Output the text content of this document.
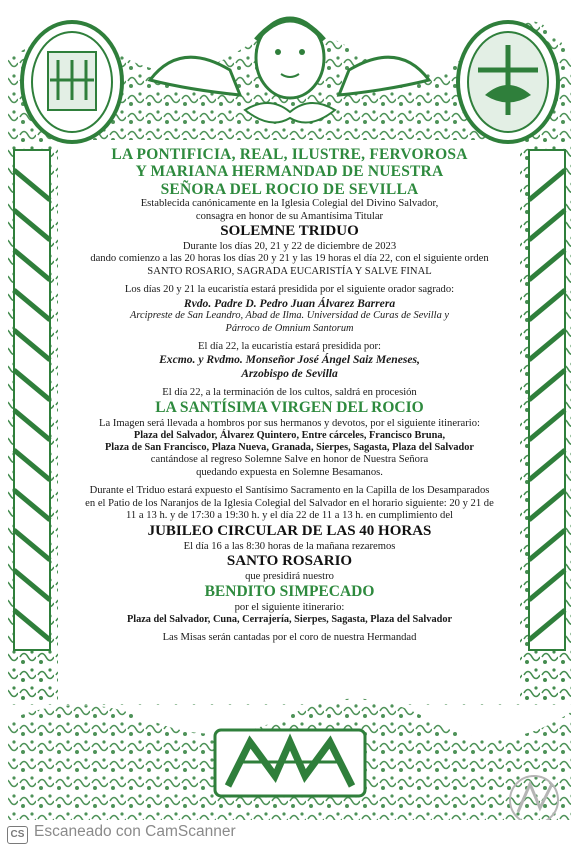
LA PONTIFICIA, REAL, ILUSTRE, FERVOROSA
Y MARIANA HERMANDAD DE NUESTRA
SEÑORA DEL ROCIO DE SEVILLA
Establecida canónicamente en la Iglesia Colegial del Divino Salvador,
consagra en honor de su Amantísima Titular
SOLEMNE TRIDUO
Durante los días 20, 21 y 22 de diciembre de 2023
dando comienzo a las 20 horas los días 20 y 21 y las 19 horas el día 22, con el siguiente orden
SANTO ROSARIO, SAGRADA EUCARISTÍA Y SALVE FINAL
Los días 20 y 21 la eucaristía estará presidida por el siguiente orador sagrado:
Rvdo. Padre D. Pedro Juan Álvarez Barrera
Arcipreste de San Leandro, Abad de Ilma. Universidad de Curas de Sevilla y
Párroco de Omnium Santorum
El día 22, la eucaristía estará presidida por:
Excmo. y Rvdmo. Monseñor José Ángel Saiz Meneses,
Arzobispo de Sevilla
El día 22, a la terminación de los cultos, saldrá en procesión
LA SANTÍSIMA VIRGEN DEL ROCIO
La Imagen será llevada a hombros por sus hermanos y devotos, por el siguiente itinerario:
Plaza del Salvador, Álvarez Quintero, Entre cárceles, Francisco Bruna,
Plaza de San Francisco, Plaza Nueva, Granada, Sierpes, Sagasta, Plaza del Salvador
cantándose al regreso Solemne Salve en honor de Nuestra Señora
quedando expuesta en Solemne Besamanos.
Durante el Triduo estará expuesto el Santísimo Sacramento en la Capilla de los Desamparados
en el Patio de los Naranjos de la Iglesia Colegial del Salvador en el horario siguiente: 20 y 21 de
11 a 13 h. y de 17:30 a 19:30 h. y el día 22 de 11 a 13 h. en cumplimiento del
JUBILEO CIRCULAR DE LAS 40 HORAS
El día 16 a las 8:30 horas de la mañana rezaremos
SANTO ROSARIO
que presidirá nuestro
BENDITO SIMPECADO
por el siguiente itinerario:
Plaza del Salvador, Cuna, Cerrajería, Sierpes, Sagasta, Plaza del Salvador
Las Misas serán cantadas por el coro de nuestra Hermandad
CS Escaneado con CamScanner
